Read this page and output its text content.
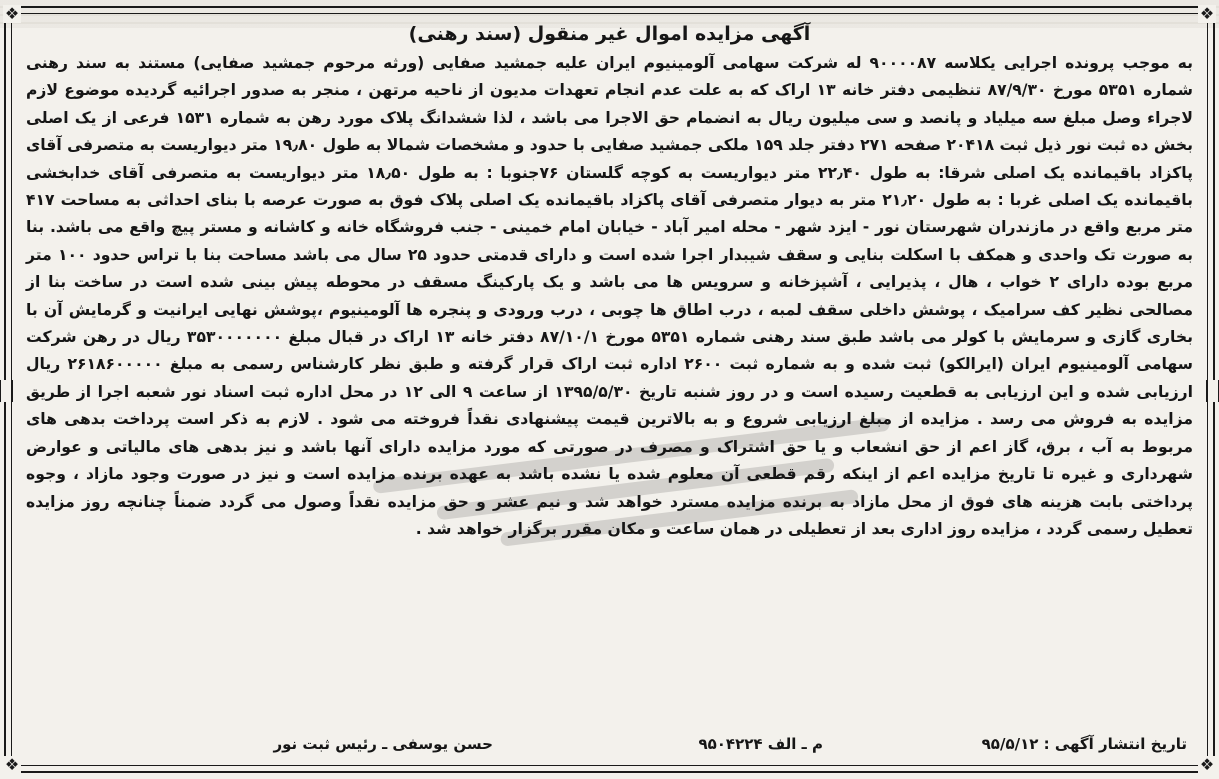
❖	❖
❖	❖
آگهی مزایده اموال غیر منقول (سند رهنی)

به موجب پرونده اجرایی یکلاسه ۹۰۰۰۰۸۷ له شرکت سهامی آلومینیوم ایران علیه جمشید صفایی (ورثه مرحوم جمشید صفایی) مستند به سند رهنی شماره ۵۳۵۱ مورخ ۸۷/۹/۳۰ تنظیمی دفتر خانه ۱۳ اراک که به علت عدم انجام تعهدات مدیون از ناحیه مرتهن ، منجر به صدور اجرائیه گردیده موضوع لازم لاجراء وصل مبلغ سه میلیاد و پانصد و سی میلیون ریال به انضمام حق الاجرا می باشد ، لذا ششدانگ پلاک مورد رهن به شماره ۱۵۳۱ فرعی از یک اصلی بخش ده ثبت نور ذیل ثبت ۲۰۴۱۸ صفحه ۲۷۱ دفتر جلد ۱۵۹ ملکی جمشید صفایی با حدود و مشخصات شمالا به طول ۱۹٫۸۰ متر دیواریست به متصرفی آقای پاکزاد باقیمانده یک اصلی شرقا: به طول ۲۲٫۴۰ متر دیواریست به کوچه گلستان ۷۶جنوبا : به طول ۱۸٫۵۰ متر دیواریست به متصرفی آقای خدابخشی باقیمانده یک اصلی غربا : به طول ۲۱٫۲۰ متر به دیوار متصرفی آقای پاکزاد باقیمانده یک اصلی پلاک فوق به صورت عرصه با بنای احداثی به مساحت ۴۱۷ متر مربع واقع در مازندران شهرستان نور - ایزد شهر - محله امیر آباد - خیابان امام خمینی - جنب فروشگاه خانه و کاشانه و مستر پیچ واقع می باشد. بنا به صورت تک واحدی و همکف با اسکلت بنایی و سقف شیبدار اجرا شده است و دارای قدمتی حدود ۲۵ سال می باشد مساحت بنا با تراس حدود ۱۰۰ متر مربع بوده دارای ۲ خواب ، هال ، پذیرایی ، آشپزخانه و سرویس ها می باشد و یک پارکینگ مسقف در محوطه پیش بینی شده است در ساخت بنا از مصالحی نظیر کف سرامیک ، پوشش داخلی سقف لمبه ، درب اطاق ها چوبی ، درب ورودی و پنجره ها آلومینیوم ،پوشش نهایی ایرانیت و گرمایش آن با بخاری گازی و سرمایش با کولر می باشد طبق سند رهنی شماره ۵۳۵۱ مورخ ۸۷/۱۰/۱ دفتر خانه ۱۳ اراک در قبال مبلغ ۳۵۳۰۰۰۰۰۰۰ ریال در رهن شرکت سهامی آلومینیوم ایران (ایرالکو) ثبت شده و به شماره ثبت ۲۶۰۰ اداره ثبت اراک قرار گرفته و طبق نظر کارشناس رسمی به مبلغ ۲۶۱۸۶۰۰۰۰۰ ریال ارزیابی شده و این ارزیابی به قطعیت رسیده است و در روز شنبه تاریخ ۱۳۹۵/۵/۳۰ از ساعت ۹ الی ۱۲ در محل اداره ثبت اسناد نور شعبه اجرا از طریق مزایده به فروش می رسد . مزایده از مبلغ ارزیابی شروع و به بالاترین قیمت پیشنهادی نقداً فروخته می شود . لازم به ذکر است پرداخت بدهی های مربوط به آب ، برق، گاز اعم از حق انشعاب و یا حق اشتراک و مصرف در صورتی که مورد مزایده دارای آنها باشد و نیز بدهی های مالیاتی و عوارض شهرداری و غیره تا تاریخ مزایده اعم از اینکه رقم قطعی آن معلوم شده یا نشده باشد به عهده برنده مزایده است و نیز در صورت وجود مازاد ، وجوه پرداختی بابت هزینه های فوق از محل مازاد به برنده مزایده مسترد خواهد شد و نیم عشر و حق مزایده نقداً وصول می گردد ضمناً چنانچه روز مزایده تعطیل رسمی گردد ، مزایده روز اداری بعد از تعطیلی در همان ساعت و مکان مقرر برگزار خواهد شد .

تاریخ انتشار آگهی : ۹۵/۵/۱۲
م ـ الف ۹۵۰۴۲۲۴
حسن یوسفی ـ رئیس ثبت نور
